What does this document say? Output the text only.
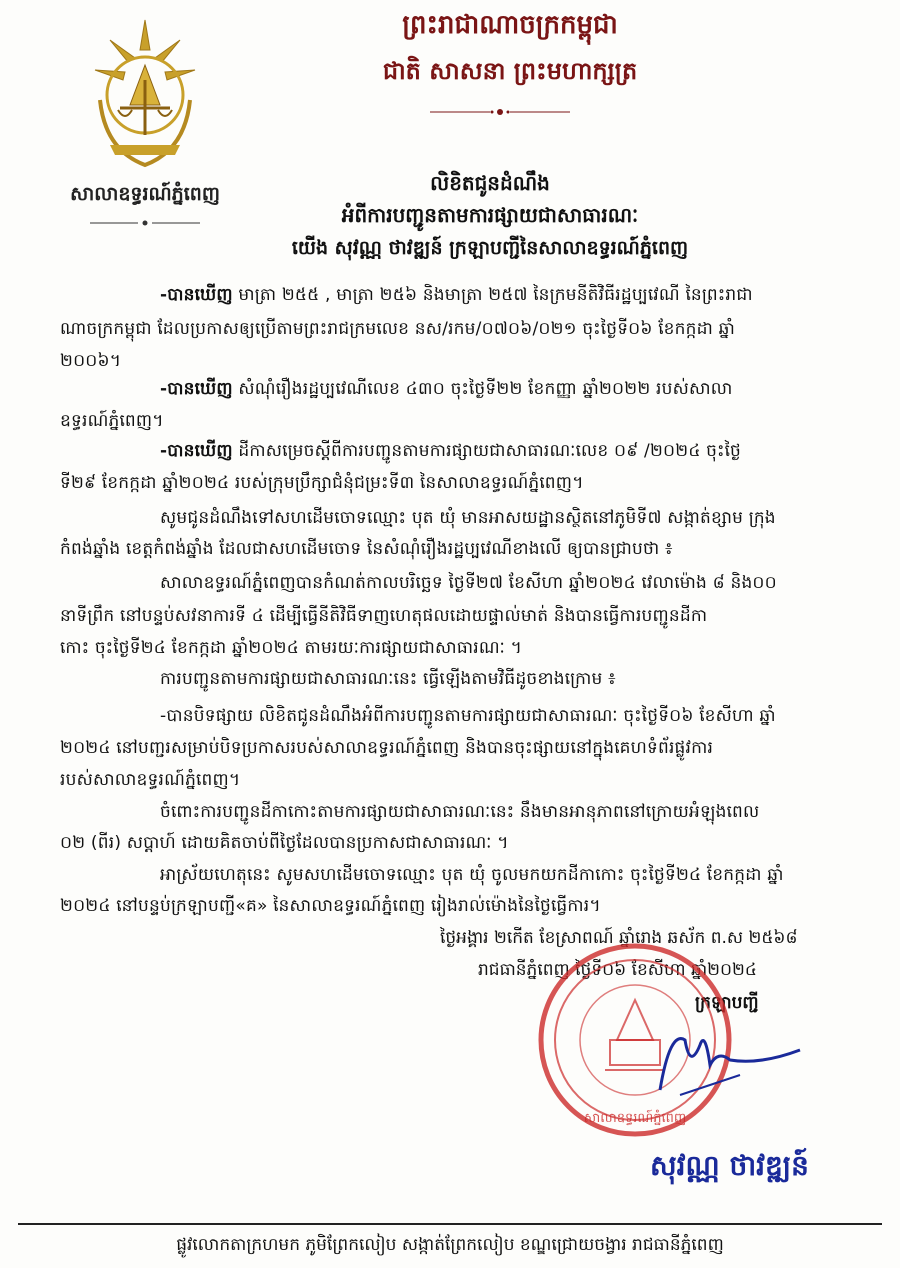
ព្រះរាជាណាចក្រកម្ពុជា
ជាតិ សាសនា ព្រះមហាក្សត្រ
សាលាឧទ្ធរណ៍ភ្នំពេញ	លិខិតជូនដំណឹង
អំពីការបញ្ជូនតាមការផ្សាយជាសាធារណៈ
យើង សុវណ្ណ ថាវឌ្ឍន៍ ក្រឡាបញ្ជីនៃសាលាឧទ្ធរណ៍ភ្នំពេញ
-បានឃើញ មាត្រា ២៥៥ , មាត្រា ២៥៦ និងមាត្រា ២៥៧ នៃក្រមនីតិវិធីរដ្ឋប្បវេណី នៃព្រះរាជា
ណាចក្រកម្ពុជា ដែលប្រកាសឲ្យប្រើតាមព្រះរាជក្រមលេខ នស/រកម/០៧០៦/០២១ ចុះថ្ងៃទី០៦ ខែកក្កដា ឆ្នាំ
២០០៦។
-បានឃើញ សំណុំរឿងរដ្ឋប្បវេណីលេខ ៤៣០ ចុះថ្ងៃទី២២ ខែកញ្ញា ឆ្នាំ២០២២ របស់សាលា
ឧទ្ធរណ៍ភ្នំពេញ។
-បានឃើញ ដីកាសម្រេចស្តីពីការបញ្ជូនតាមការផ្សាយជាសាធារណៈលេខ ០៩ /២០២៤ ចុះថ្ងៃ
ទី២៩ ខែកក្កដា ឆ្នាំ២០២៤ របស់ក្រុមប្រឹក្សាជំនុំជម្រះទី៣ នៃសាលាឧទ្ធរណ៍ភ្នំពេញ។
សូមជូនដំណឹងទៅសហដើមចោទឈ្មោះ បុត យុំ មានអាសយដ្ឋានស្ថិតនៅភូមិទី៧ សង្កាត់ខ្សាម ក្រុង
កំពង់ឆ្នាំង ខេត្តកំពង់ឆ្នាំង ដែលជាសហដើមចោទ នៃសំណុំរឿងរដ្ឋប្បវេណីខាងលើ ឲ្យបានជ្រាបថា ៖
សាលាឧទ្ធរណ៍ភ្នំពេញបានកំណត់កាលបរិច្ឆេទ ថ្ងៃទី២៧ ខែសីហា ឆ្នាំ២០២៤ វេលាម៉ោង ៨ និង០០
នាទីព្រឹក នៅបន្ទប់សវនាការទី ៤ ដើម្បីធ្វើនីតិវិធីទាញហេតុផលដោយផ្ទាល់មាត់ និងបានធ្វើការបញ្ជូនដីកា
កោះ ចុះថ្ងៃទី២៤ ខែកក្កដា ឆ្នាំ២០២៤ តាមរយៈការផ្សាយជាសាធារណៈ ។
ការបញ្ជូនតាមការផ្សាយជាសាធារណៈនេះ ធ្វើឡើងតាមវិធីដូចខាងក្រោម ៖
-បានបិទផ្សាយ លិខិតជូនដំណឹងអំពីការបញ្ជូនតាមការផ្សាយជាសាធារណៈ ចុះថ្ងៃទី០៦ ខែសីហា ឆ្នាំ
២០២៤ នៅបញ្ជរសម្រាប់បិទប្រកាសរបស់សាលាឧទ្ធរណ៍ភ្នំពេញ និងបានចុះផ្សាយនៅក្នុងគេហទំព័រផ្លូវការ
របស់សាលាឧទ្ធរណ៍ភ្នំពេញ។
ចំពោះការបញ្ជូនដីកាកោះតាមការផ្សាយជាសាធារណៈនេះ នឹងមានអានុភាពនៅក្រោយអំឡុងពេល
០២ (ពីរ) សប្តាហ៍ ដោយគិតចាប់ពីថ្ងៃដែលបានប្រកាសជាសាធារណៈ ។
អាស្រ័យហេតុនេះ សូមសហដើមចោទឈ្មោះ បុត យុំ ចូលមកយកដីកាកោះ ចុះថ្ងៃទី២៤ ខែកក្កដា ឆ្នាំ
២០២៤ នៅបន្ទប់ក្រឡាបញ្ជី«គ» នៃសាលាឧទ្ធរណ៍ភ្នំពេញ រៀងរាល់ម៉ោងនៃថ្ងៃធ្វើការ។
ថ្ងៃអង្គារ ២កើត ខែស្រាពណ៍ ឆ្នាំរោង ឆស័ក ព.ស ២៥៦៨
រាជធានីភ្នំពេញ ថ្ងៃទី០៦ ខែសីហា ឆ្នាំ២០២៤
ក្រឡាបញ្ជី
សាលាឧទ្ធរណ៍ភ្នំពេញ
សុវណ្ណ ថាវឌ្ឍន៍
ផ្លូវលោកតាក្រហមក ភូមិព្រែកលៀប សង្កាត់ព្រែកលៀប ខណ្ឌជ្រោយចង្វារ រាជធានីភ្នំពេញ
